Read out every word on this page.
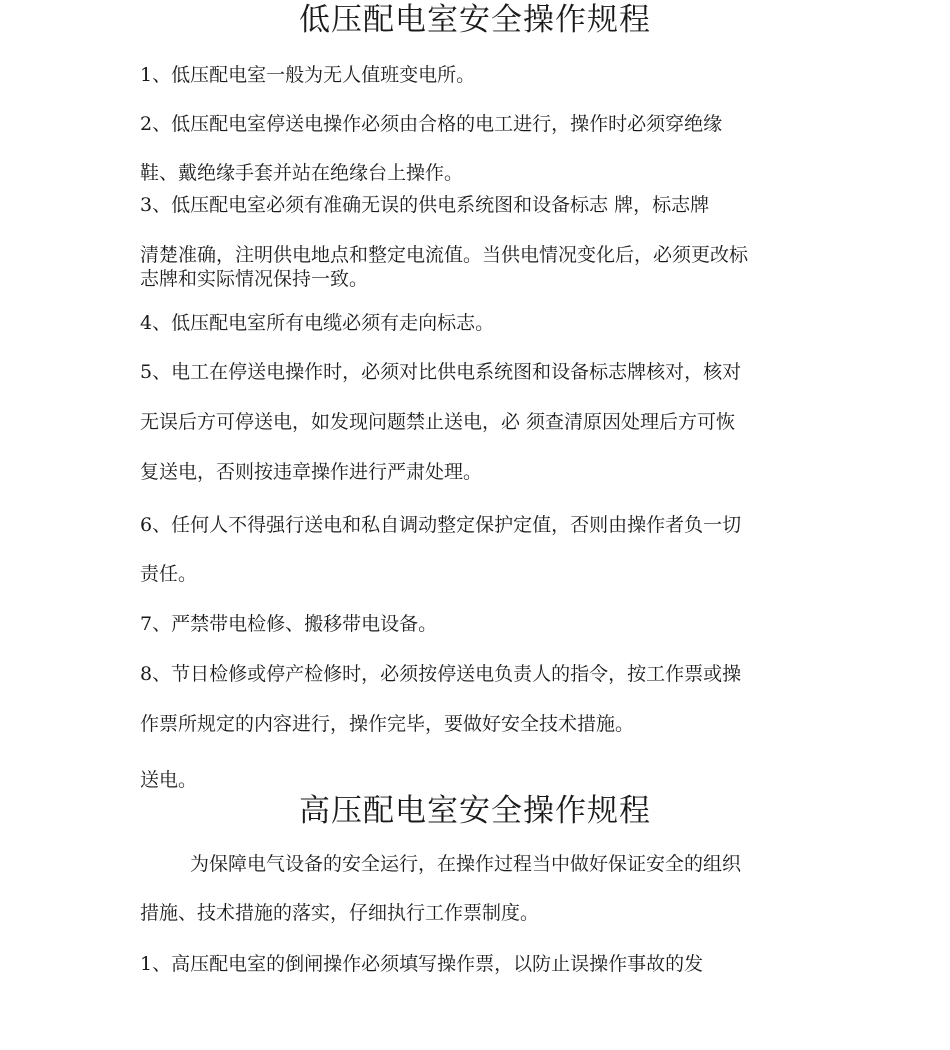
低压配电室安全操作规程
1、低压配电室一般为无人值班变电所。
2、低压配电室停送电操作必须由合格的电工进行，操作时必须穿绝缘
鞋、戴绝缘手套并站在绝缘台上操作。
3、低压配电室必须有准确无误的供电系统图和设备标志 牌，标志牌
清楚准确，注明供电地点和整定电流值。当供电情况变化后，必须更改标
志牌和实际情况保持一致。
4、低压配电室所有电缆必须有走向标志。
5、电工在停送电操作时，必须对比供电系统图和设备标志牌核对，核对
无误后方可停送电，如发现问题禁止送电，必 须查清原因处理后方可恢
复送电，否则按违章操作进行严肃处理。
6、任何人不得强行送电和私自调动整定保护定值，否则由操作者负一切
责任。
7、严禁带电检修、搬移带电设备。
8、节日检修或停产检修时，必须按停送电负责人的指令，按工作票或操
作票所规定的内容进行，操作完毕，要做好安全技术措施。
送电。
高压配电室安全操作规程
为保障电气设备的安全运行，在操作过程当中做好保证安全的组织
措施、技术措施的落实，仔细执行工作票制度。
1、高压配电室的倒闸操作必须填写操作票，以防止误操作事故的发
